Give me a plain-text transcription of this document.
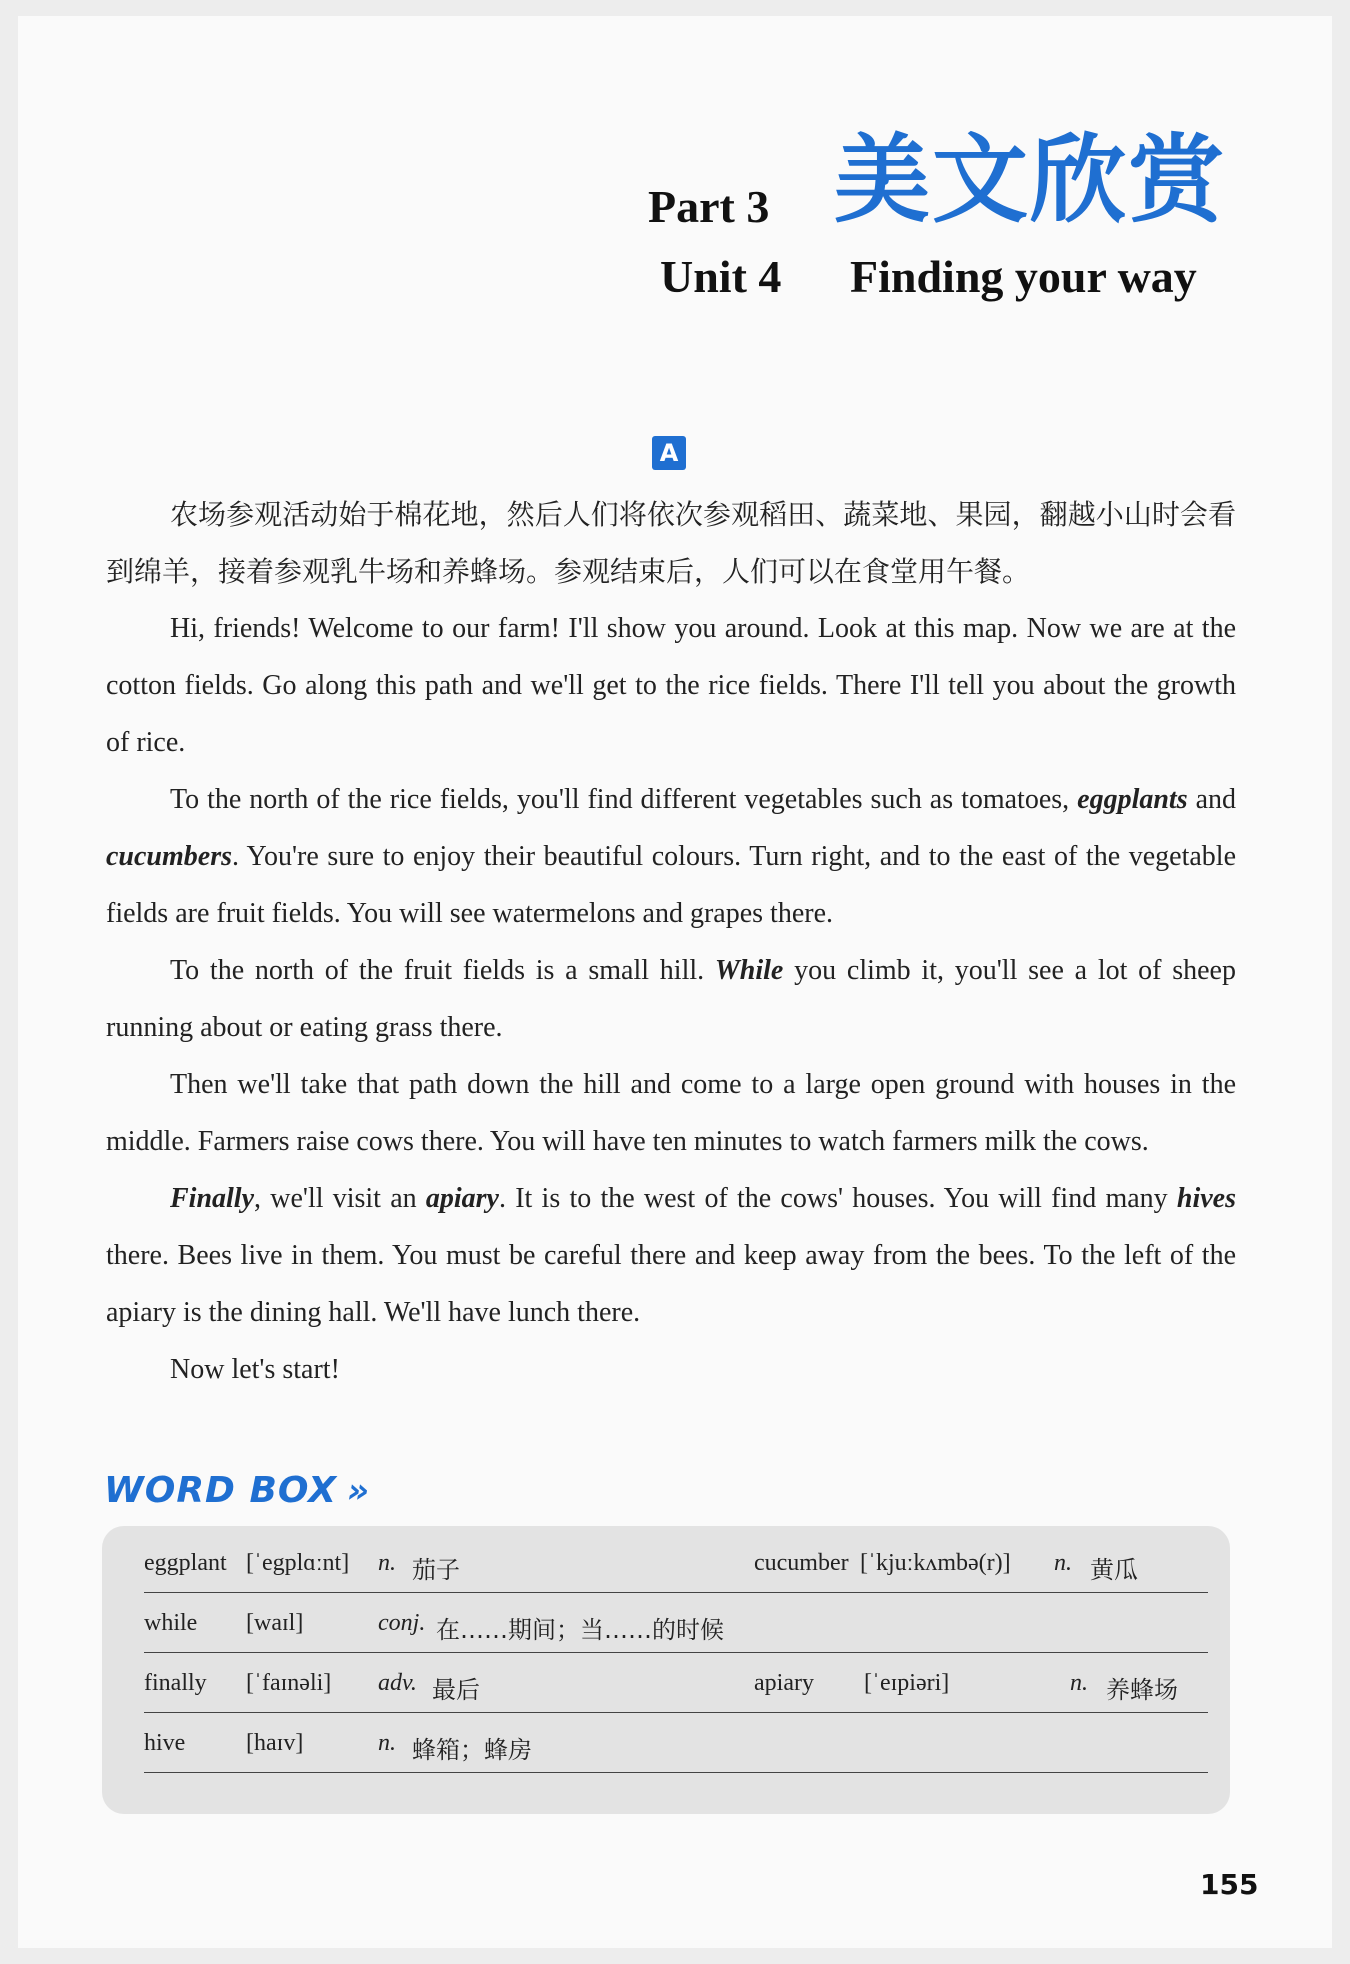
Part 3 美文欣赏
Unit 4 Finding your way
A

农场参观活动始于棉花地，然后人们将依次参观稻田、蔬菜地、果园，翻越小山时会看到绵羊，接着参观乳牛场和养蜂场。参观结束后，人们可以在食堂用午餐。

Hi, friends! Welcome to our farm! I'll show you around. Look at this map. Now we are at the cotton fields. Go along this path and we'll get to the rice fields. There I'll tell you about the growth of rice.

To the north of the rice fields, you'll find different vegetables such as tomatoes, eggplants and cucumbers. You're sure to enjoy their beautiful colours. Turn right, and to the east of the vegetable fields are fruit fields. You will see watermelons and grapes there.

To the north of the fruit fields is a small hill. While you climb it, you'll see a lot of sheep running about or eating grass there.

Then we'll take that path down the hill and come to a large open ground with houses in the middle. Farmers raise cows there. You will have ten minutes to watch farmers milk the cows.

Finally, we'll visit an apiary. It is to the west of the cows' houses. You will find many hives there. Bees live in them. You must be careful there and keep away from the bees. To the left of the apiary is the dining hall. We'll have lunch there.

Now let's start!

WORD BOX »
eggplant [ˈegplɑːnt] n. 茄子	cucumber [ˈkjuːkʌmbə(r)] n. 黄瓜
while [waɪl]	conj. 在……期间；当……的时候
finally [ˈfaɪnəli] adv. 最后	apiary [ˈeɪpiəri]	n. 养蜂场
hive	[haɪv]	n. 蜂箱；蜂房
155
